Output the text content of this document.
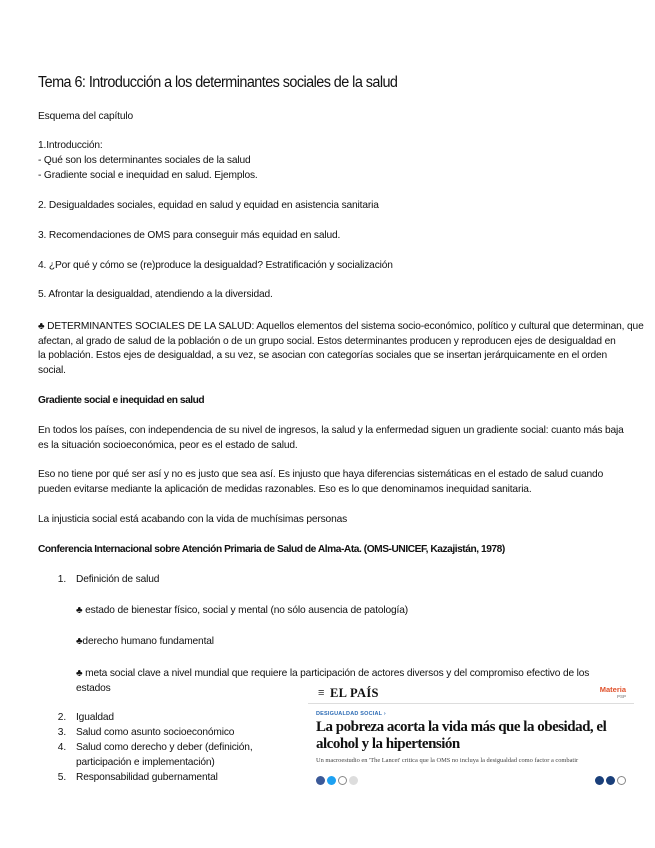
Tema 6: Introducción a los determinantes sociales de la salud
Esquema del capítulo
1.Introducción:
- Qué son los determinantes sociales de la salud
- Gradiente social e inequidad en salud. Ejemplos.
2. Desigualdades sociales, equidad en salud y equidad en asistencia sanitaria
3. Recomendaciones de OMS para conseguir más equidad en salud.
4. ¿Por qué y cómo se (re)produce la desigualdad? Estratificación y socialización
5. Afrontar la desigualdad, atendiendo a la diversidad.
♣ DETERMINANTES SOCIALES DE LA SALUD: Aquellos elementos del sistema socio-económico, político y cultural que determinan, que
afectan, al grado de salud de la población o de un grupo social. Estos determinantes producen y reproducen ejes de desigualdad en
la población. Estos ejes de desigualdad, a su vez, se asocian con categorías sociales que se insertan jerárquicamente en el orden
social.
Gradiente social e inequidad en salud
En todos los países, con independencia de su nivel de ingresos, la salud y la enfermedad siguen un gradiente social: cuanto más baja
es la situación socioeconómica, peor es el estado de salud.
Eso no tiene por qué ser así y no es justo que sea así. Es injusto que haya diferencias sistemáticas en el estado de salud cuando
pueden evitarse mediante la aplicación de medidas razonables. Eso es lo que denominamos inequidad sanitaria.
La injusticia social está acabando con la vida de muchísimas personas
Conferencia Internacional sobre Atención Primaria de Salud de Alma-Ata. (OMS-UNICEF, Kazajistán, 1978)
1. Definición de salud
♣ estado de bienestar físico, social y mental (no sólo ausencia de patología)
♣derecho humano fundamental
♣ meta social clave a nivel mundial que requiere la participación de actores diversos y del compromiso efectivo de los
estados
2. Igualdad
3. Salud como asunto socioeconómico
4. Salud como derecho y deber (definición,
participación e implementación)
5. Responsabilidad gubernamental
≡ EL PAÍS	Materia
PSP
DESIGUALDAD SOCIAL ›
La pobreza acorta la vida más que la obesidad, el alcohol y la hipertensión
Un macroestudio en 'The Lancet' critica que la OMS no incluya la desigualdad como factor a combatir
